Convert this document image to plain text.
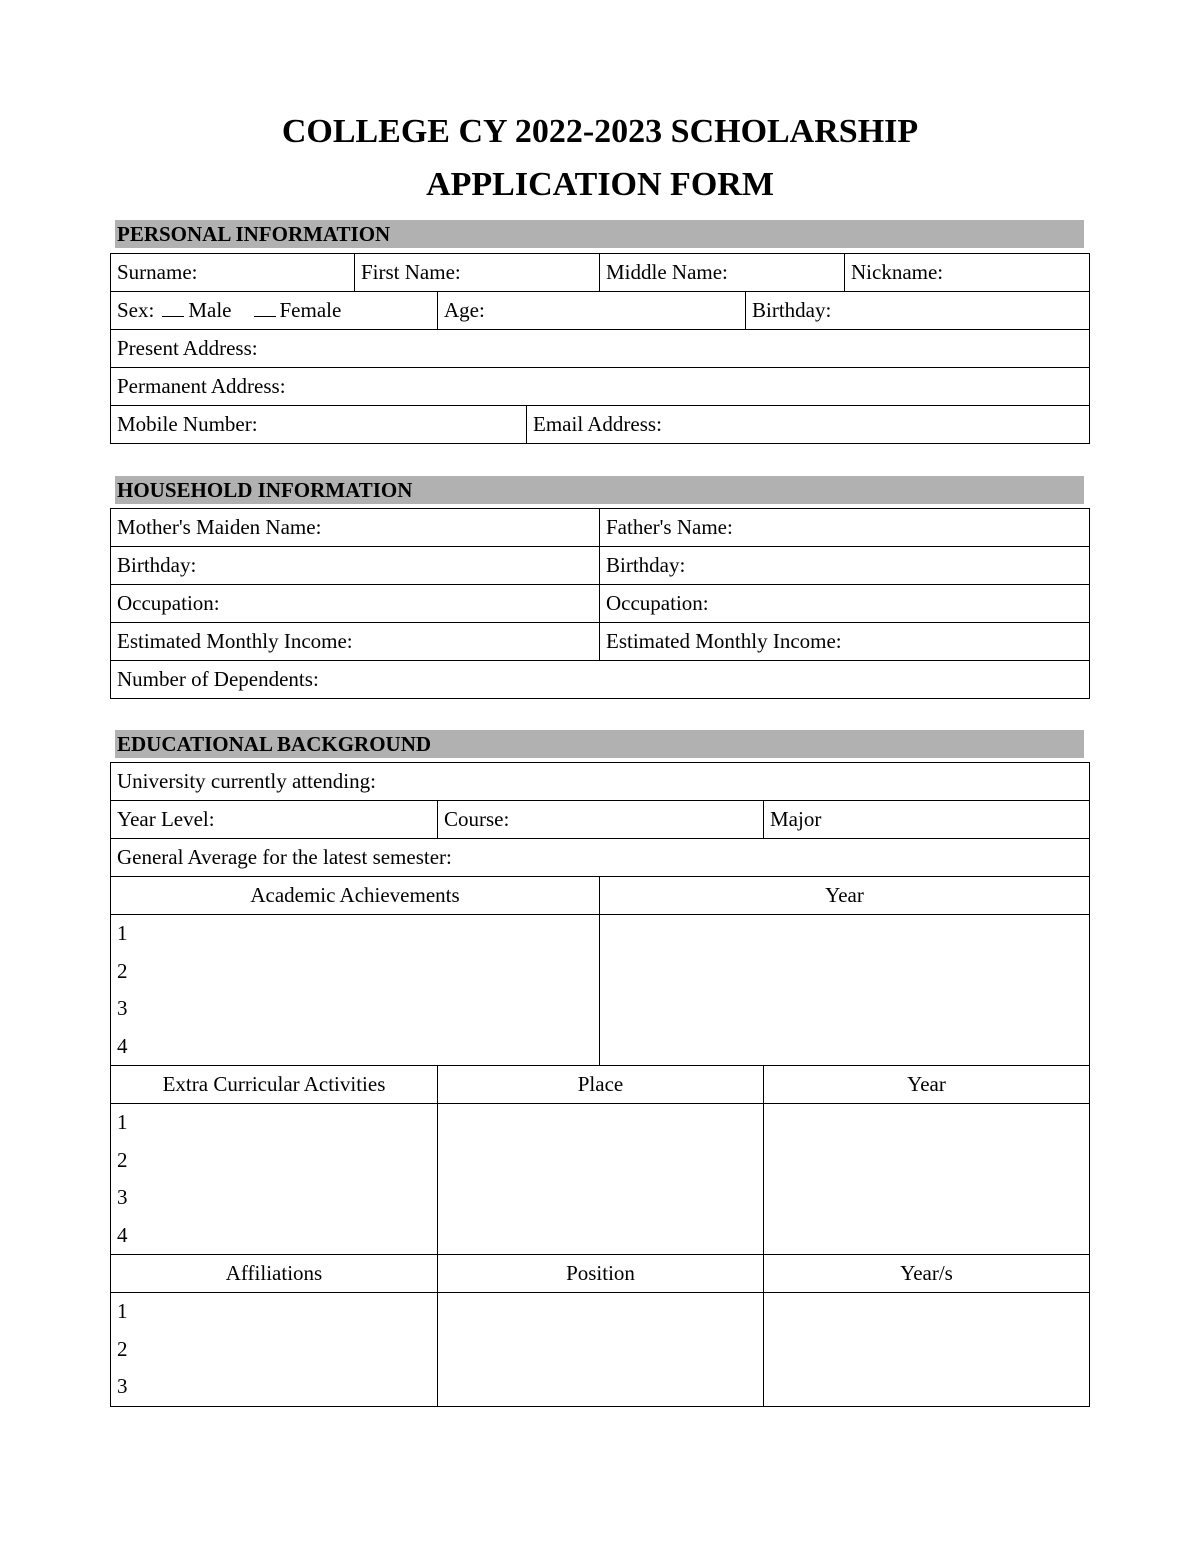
COLLEGE CY 2022-2023 SCHOLARSHIP
APPLICATION FORM
PERSONAL INFORMATION
Surname:	First Name:	Middle Name:	Nickname:
Sex: Male Female	Age:	Birthday:
Present Address:
Permanent Address:
Mobile Number:	Email Address:
HOUSEHOLD INFORMATION
Mother's Maiden Name:	Father's Name:
Birthday:	Birthday:
Occupation:	Occupation:
Estimated Monthly Income:	Estimated Monthly Income:
Number of Dependents:
EDUCATIONAL BACKGROUND
University currently attending:
Year Level:	Course:	Major
General Average for the latest semester:
Academic Achievements	Year
1
2
3
4
Extra Curricular Activities	Place	Year
1
2
3
4
Affiliations	Position	Year/s
1
2
3
